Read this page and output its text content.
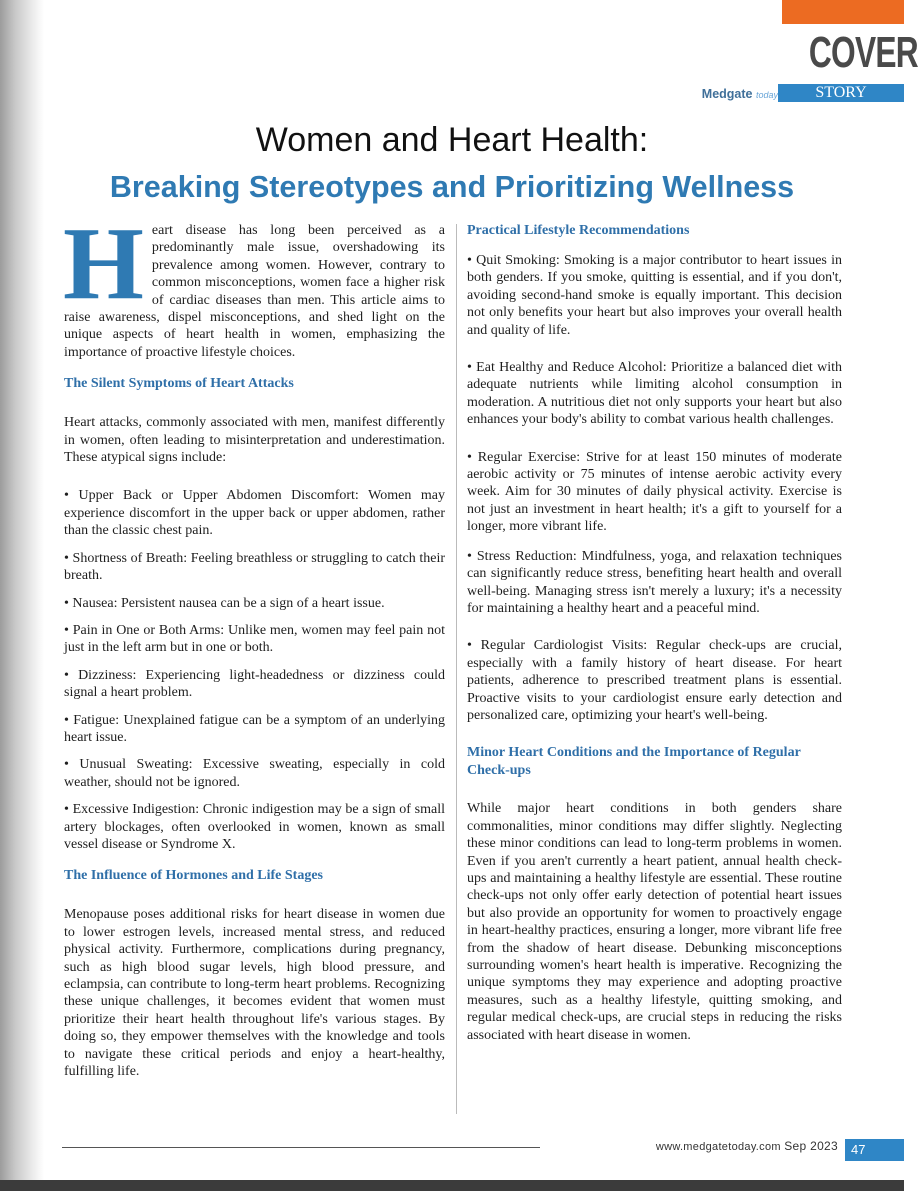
COVER
Medgate today	STORY
Women and Heart Health:
Breaking Stereotypes and Prioritizing Wellness

Heart disease has long been perceived as a predominantly male issue, overshadowing its prevalence among women. However, contrary to common misconceptions, women face a higher risk of cardiac diseases than men. This article aims to raise awareness, dispel misconceptions, and shed light on the unique aspects of heart health in women, emphasizing the importance of proactive lifestyle choices.

The Silent Symptoms of Heart Attacks

Heart attacks, commonly associated with men, manifest differently in women, often leading to misinterpretation and underestimation. These atypical signs include:

• Upper Back or Upper Abdomen Discomfort: Women may experience discomfort in the upper back or upper abdomen, rather than the classic chest pain.

• Shortness of Breath: Feeling breathless or struggling to catch their breath.

• Nausea: Persistent nausea can be a sign of a heart issue.

• Pain in One or Both Arms: Unlike men, women may feel pain not just in the left arm but in one or both.

• Dizziness: Experiencing light-headedness or dizziness could signal a heart problem.

• Fatigue: Unexplained fatigue can be a symptom of an underlying heart issue.

• Unusual Sweating: Excessive sweating, especially in cold weather, should not be ignored.

• Excessive Indigestion: Chronic indigestion may be a sign of small artery blockages, often overlooked in women, known as small vessel disease or Syndrome X.

The Influence of Hormones and Life Stages

Menopause poses additional risks for heart disease in women due to lower estrogen levels, increased mental stress, and reduced physical activity. Furthermore, complications during pregnancy, such as high blood sugar levels, high blood pressure, and eclampsia, can contribute to long-term heart problems. Recognizing these unique challenges, it becomes evident that women must prioritize their heart health throughout life's various stages. By doing so, they empower themselves with the knowledge and tools to navigate these critical periods and enjoy a heart-healthy, fulfilling life.

Practical Lifestyle Recommendations

• Quit Smoking: Smoking is a major contributor to heart issues in both genders. If you smoke, quitting is essential, and if you don't, avoiding second-hand smoke is equally important. This decision not only benefits your heart but also improves your overall health and quality of life.

• Eat Healthy and Reduce Alcohol: Prioritize a balanced diet with adequate nutrients while limiting alcohol consumption in moderation. A nutritious diet not only supports your heart but also enhances your body's ability to combat various health challenges.

• Regular Exercise: Strive for at least 150 minutes of moderate aerobic activity or 75 minutes of intense aerobic activity every week. Aim for 30 minutes of daily physical activity. Exercise is not just an investment in heart health; it's a gift to yourself for a longer, more vibrant life.

• Stress Reduction: Mindfulness, yoga, and relaxation techniques can significantly reduce stress, benefiting heart health and overall well-being. Managing stress isn't merely a luxury; it's a necessity for maintaining a healthy heart and a peaceful mind.

• Regular Cardiologist Visits: Regular check-ups are crucial, especially with a family history of heart disease. For heart patients, adherence to prescribed treatment plans is essential. Proactive visits to your cardiologist ensure early detection and personalized care, optimizing your heart's well-being.

Minor Heart Conditions and the Importance of Regular Check-ups

While major heart conditions in both genders share commonalities, minor conditions may differ slightly. Neglecting these minor conditions can lead to long-term problems in women. Even if you aren't currently a heart patient, annual health check-ups and maintaining a healthy lifestyle are essential. These routine check-ups not only offer early detection of potential heart issues but also provide an opportunity for women to proactively engage in heart-healthy practices, ensuring a longer, more vibrant life free from the shadow of heart disease. Debunking misconceptions surrounding women's heart health is imperative. Recognizing the unique symptoms they may experience and adopting proactive measures, such as a healthy lifestyle, quitting smoking, and regular medical check-ups, are crucial steps in reducing the risks associated with heart disease in women.

www.medgatetoday.com Sep 2023	47
